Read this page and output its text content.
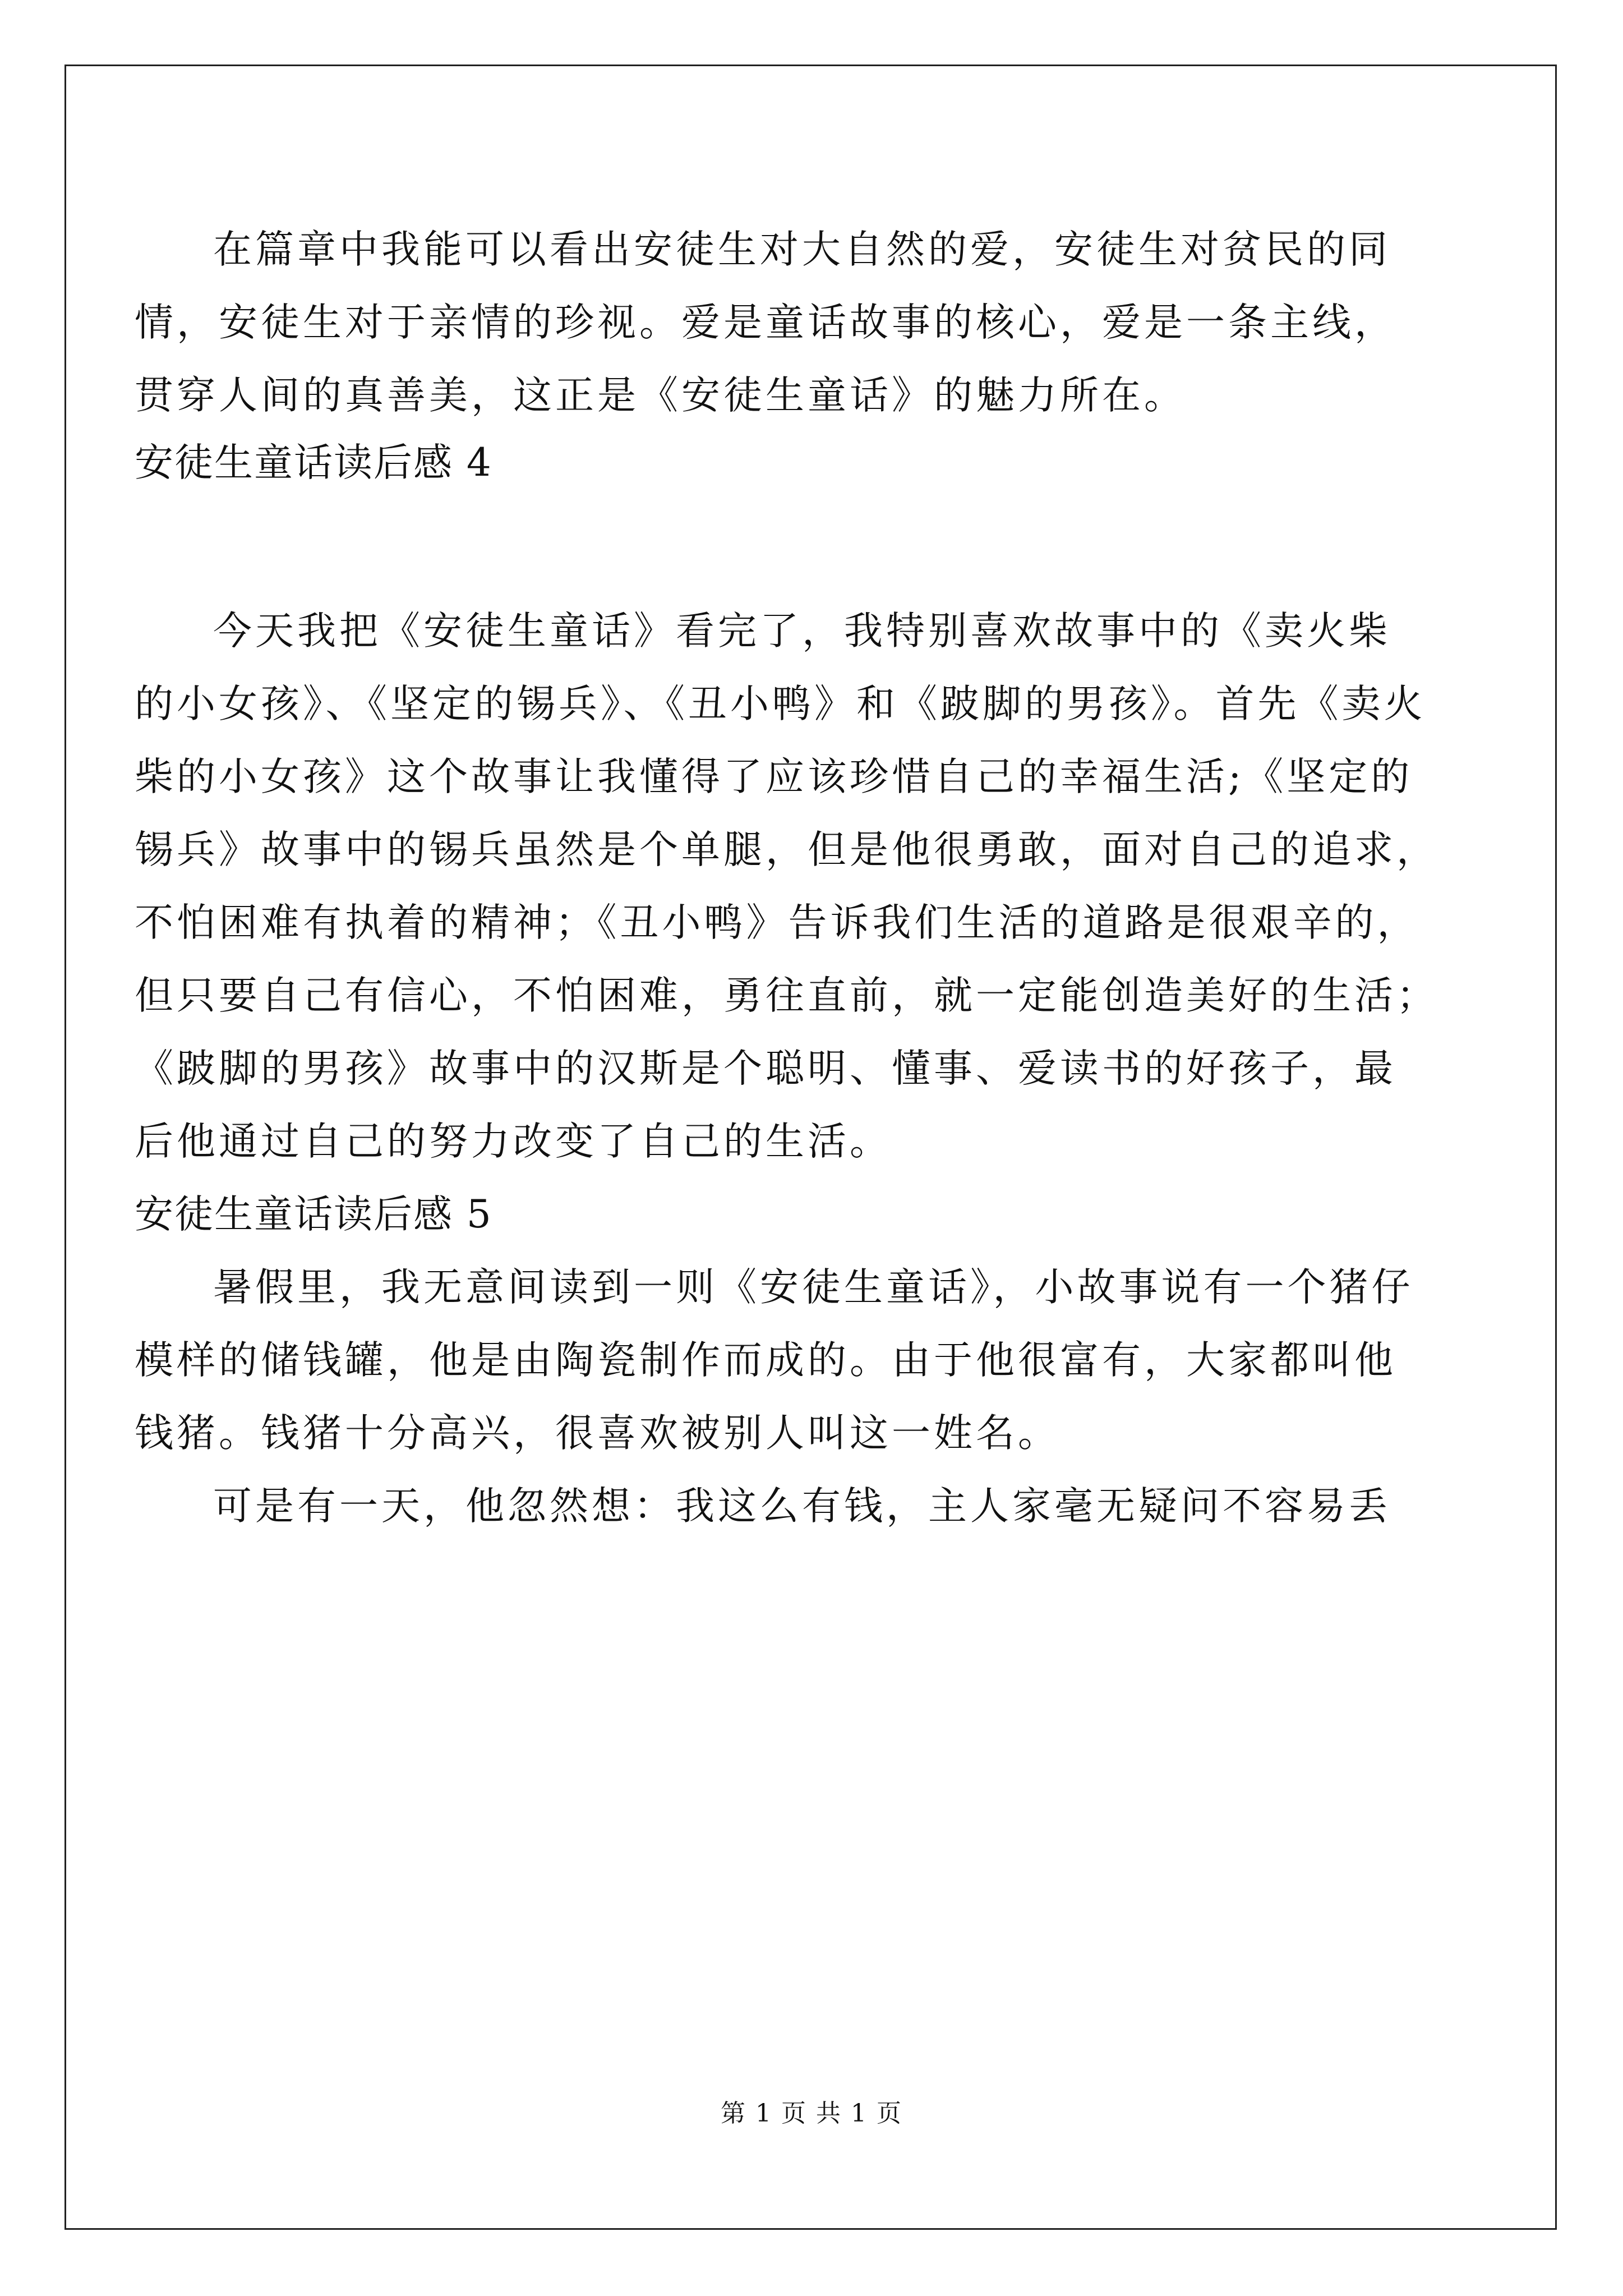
在篇章中我能可以看出安徒生对大自然的爱，安徒生对贫民的同
情，安徒生对于亲情的珍视。爱是童话故事的核心，爱是一条主线，
贯穿人间的真善美，这正是《安徒生童话》的魅力所在。
安徒生童话读后感 4
今天我把《安徒生童话》看完了，我特别喜欢故事中的《卖火柴
的小女孩》、《坚定的锡兵》、《丑小鸭》和《跛脚的男孩》。首先《卖火
柴的小女孩》这个故事让我懂得了应该珍惜自己的幸福生活;《坚定的
锡兵》故事中的锡兵虽然是个单腿，但是他很勇敢，面对自己的追求，
不怕困难有执着的精神；《丑小鸭》告诉我们生活的道路是很艰辛的，
但只要自己有信心，不怕困难，勇往直前，就一定能创造美好的生活；
《跛脚的男孩》故事中的汉斯是个聪明、懂事、爱读书的好孩子，最
后他通过自己的努力改变了自己的生活。
安徒生童话读后感 5
暑假里，我无意间读到一则《安徒生童话》，小故事说有一个猪仔
模样的储钱罐，他是由陶瓷制作而成的。由于他很富有，大家都叫他
钱猪。钱猪十分高兴，很喜欢被别人叫这一姓名。
可是有一天，他忽然想：我这么有钱，主人家毫无疑问不容易丢
第 1 页 共 1 页
